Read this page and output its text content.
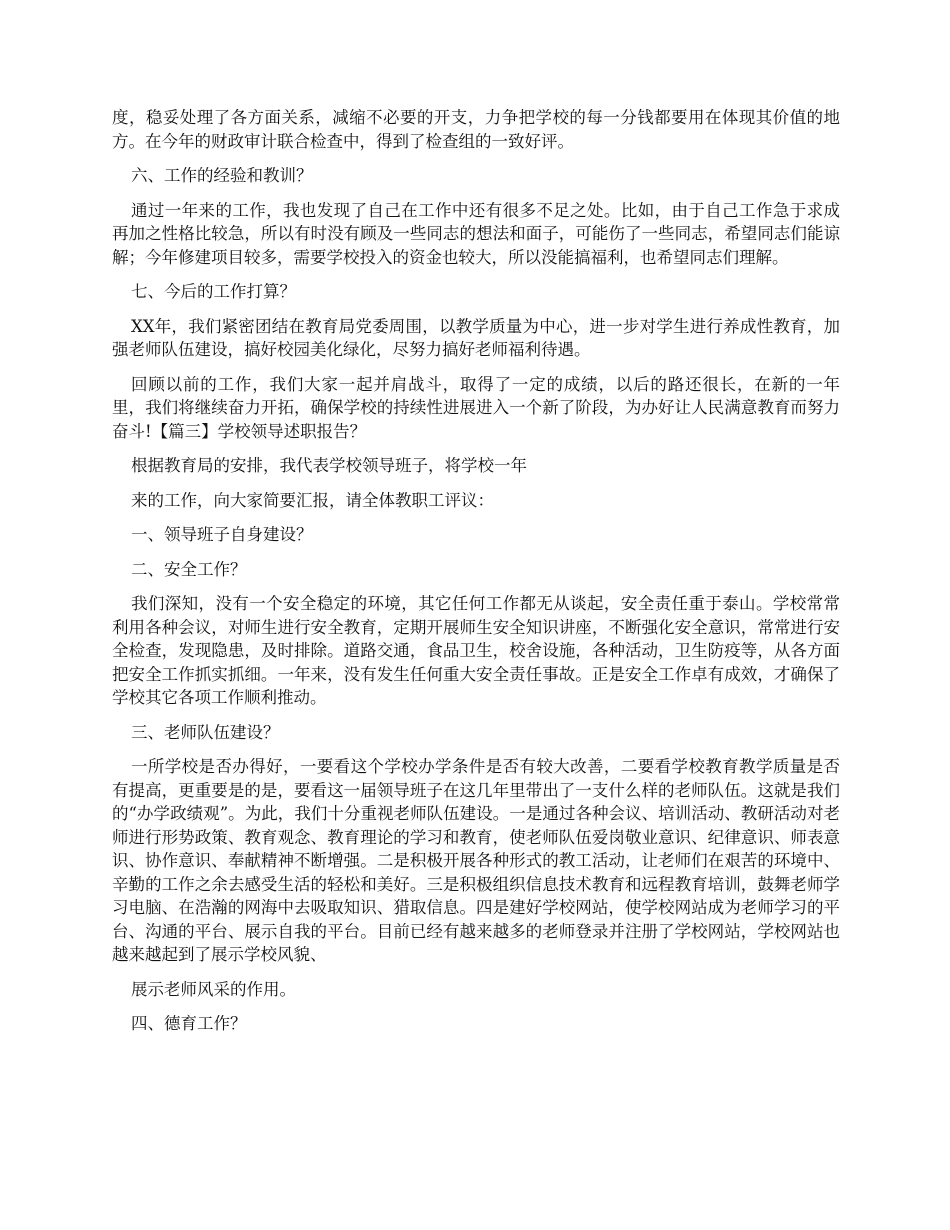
度，稳妥处理了各方面关系，减缩不必要的开支，力争把学校的每一分钱都要用在体现其价值的地方。在今年的财政审计联合检查中，得到了检查组的一致好评。

六、工作的经验和教训？

通过一年来的工作，我也发现了自己在工作中还有很多不足之处。比如，由于自己工作急于求成再加之性格比较急，所以有时没有顾及一些同志的想法和面子，可能伤了一些同志，希望同志们能谅解；今年修建项目较多，需要学校投入的资金也较大，所以没能搞福利，也希望同志们理解。

七、今后的工作打算？

XX年，我们紧密团结在教育局党委周围，以教学质量为中心，进一步对学生进行养成性教育，加强老师队伍建设，搞好校园美化绿化，尽努力搞好老师福利待遇。

回顾以前的工作，我们大家一起并肩战斗，取得了一定的成绩，以后的路还很长，在新的一年里，我们将继续奋力开拓，确保学校的持续性进展进入一个新了阶段，为办好让人民满意教育而努力奋斗!【篇三】学校领导述职报告？

根据教育局的安排，我代表学校领导班子，将学校一年

来的工作，向大家简要汇报，请全体教职工评议：

一、领导班子自身建设？

二、安全工作？

我们深知，没有一个安全稳定的环境，其它任何工作都无从谈起，安全责任重于泰山。学校常常利用各种会议，对师生进行安全教育，定期开展师生安全知识讲座，不断强化安全意识，常常进行安全检查，发现隐患，及时排除。道路交通，食品卫生，校舍设施，各种活动，卫生防疫等，从各方面把安全工作抓实抓细。一年来，没有发生任何重大安全责任事故。正是安全工作卓有成效，才确保了学校其它各项工作顺利推动。

三、老师队伍建设？

一所学校是否办得好，一要看这个学校办学条件是否有较大改善，二要看学校教育教学质量是否有提高，更重要是的是，要看这一届领导班子在这几年里带出了一支什么样的老师队伍。这就是我们的“办学政绩观”。为此，我们十分重视老师队伍建设。一是通过各种会议、培训活动、教研活动对老师进行形势政策、教育观念、教育理论的学习和教育，使老师队伍爱岗敬业意识、纪律意识、师表意识、协作意识、奉献精神不断增强。二是积极开展各种形式的教工活动，让老师们在艰苦的环境中、辛勤的工作之余去感受生活的轻松和美好。三是积极组织信息技术教育和远程教育培训，鼓舞老师学习电脑、在浩瀚的网海中去吸取知识、猎取信息。四是建好学校网站，使学校网站成为老师学习的平台、沟通的平台、展示自我的平台。目前已经有越来越多的老师登录并注册了学校网站，学校网站也越来越起到了展示学校风貌、

展示老师风采的作用。

四、德育工作？
